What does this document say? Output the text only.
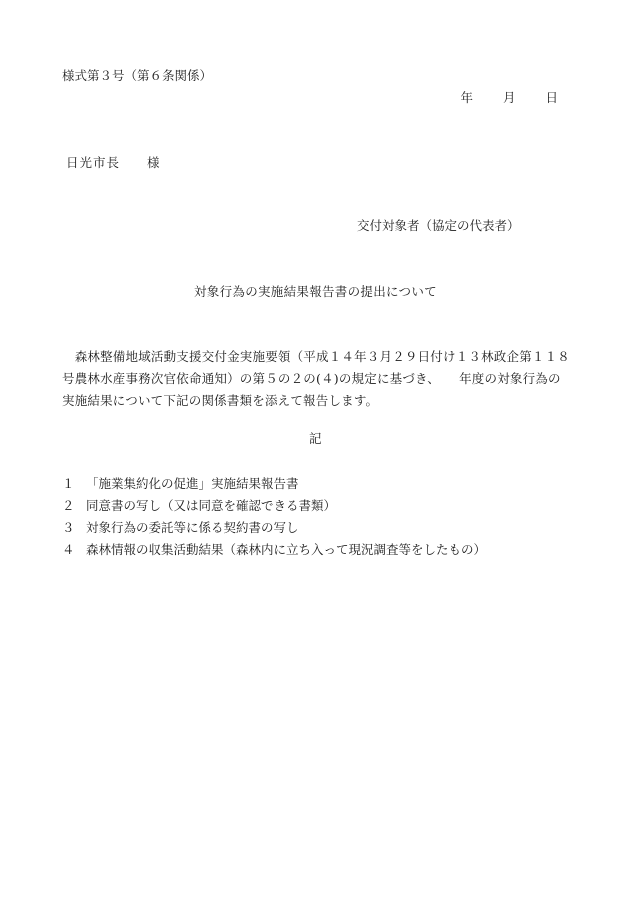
様式第３号（第６条関係）
年 月 日
日光市長　　様
交付対象者（協定の代表者）
対象行為の実施結果報告書の提出について
　森林整備地域活動支援交付金実施要領（平成１４年３月２９日付け１３林政企第１１８
号農林水産事務次官依命通知）の第５の２の(４)の規定に基づき、　　年度の対象行為の
実施結果について下記の関係書類を添えて報告します。
記
１ 「施業集約化の促進」実施結果報告書
２ 同意書の写し（又は同意を確認できる書類）
３ 対象行為の委託等に係る契約書の写し
４ 森林情報の収集活動結果（森林内に立ち入って現況調査等をしたもの）
